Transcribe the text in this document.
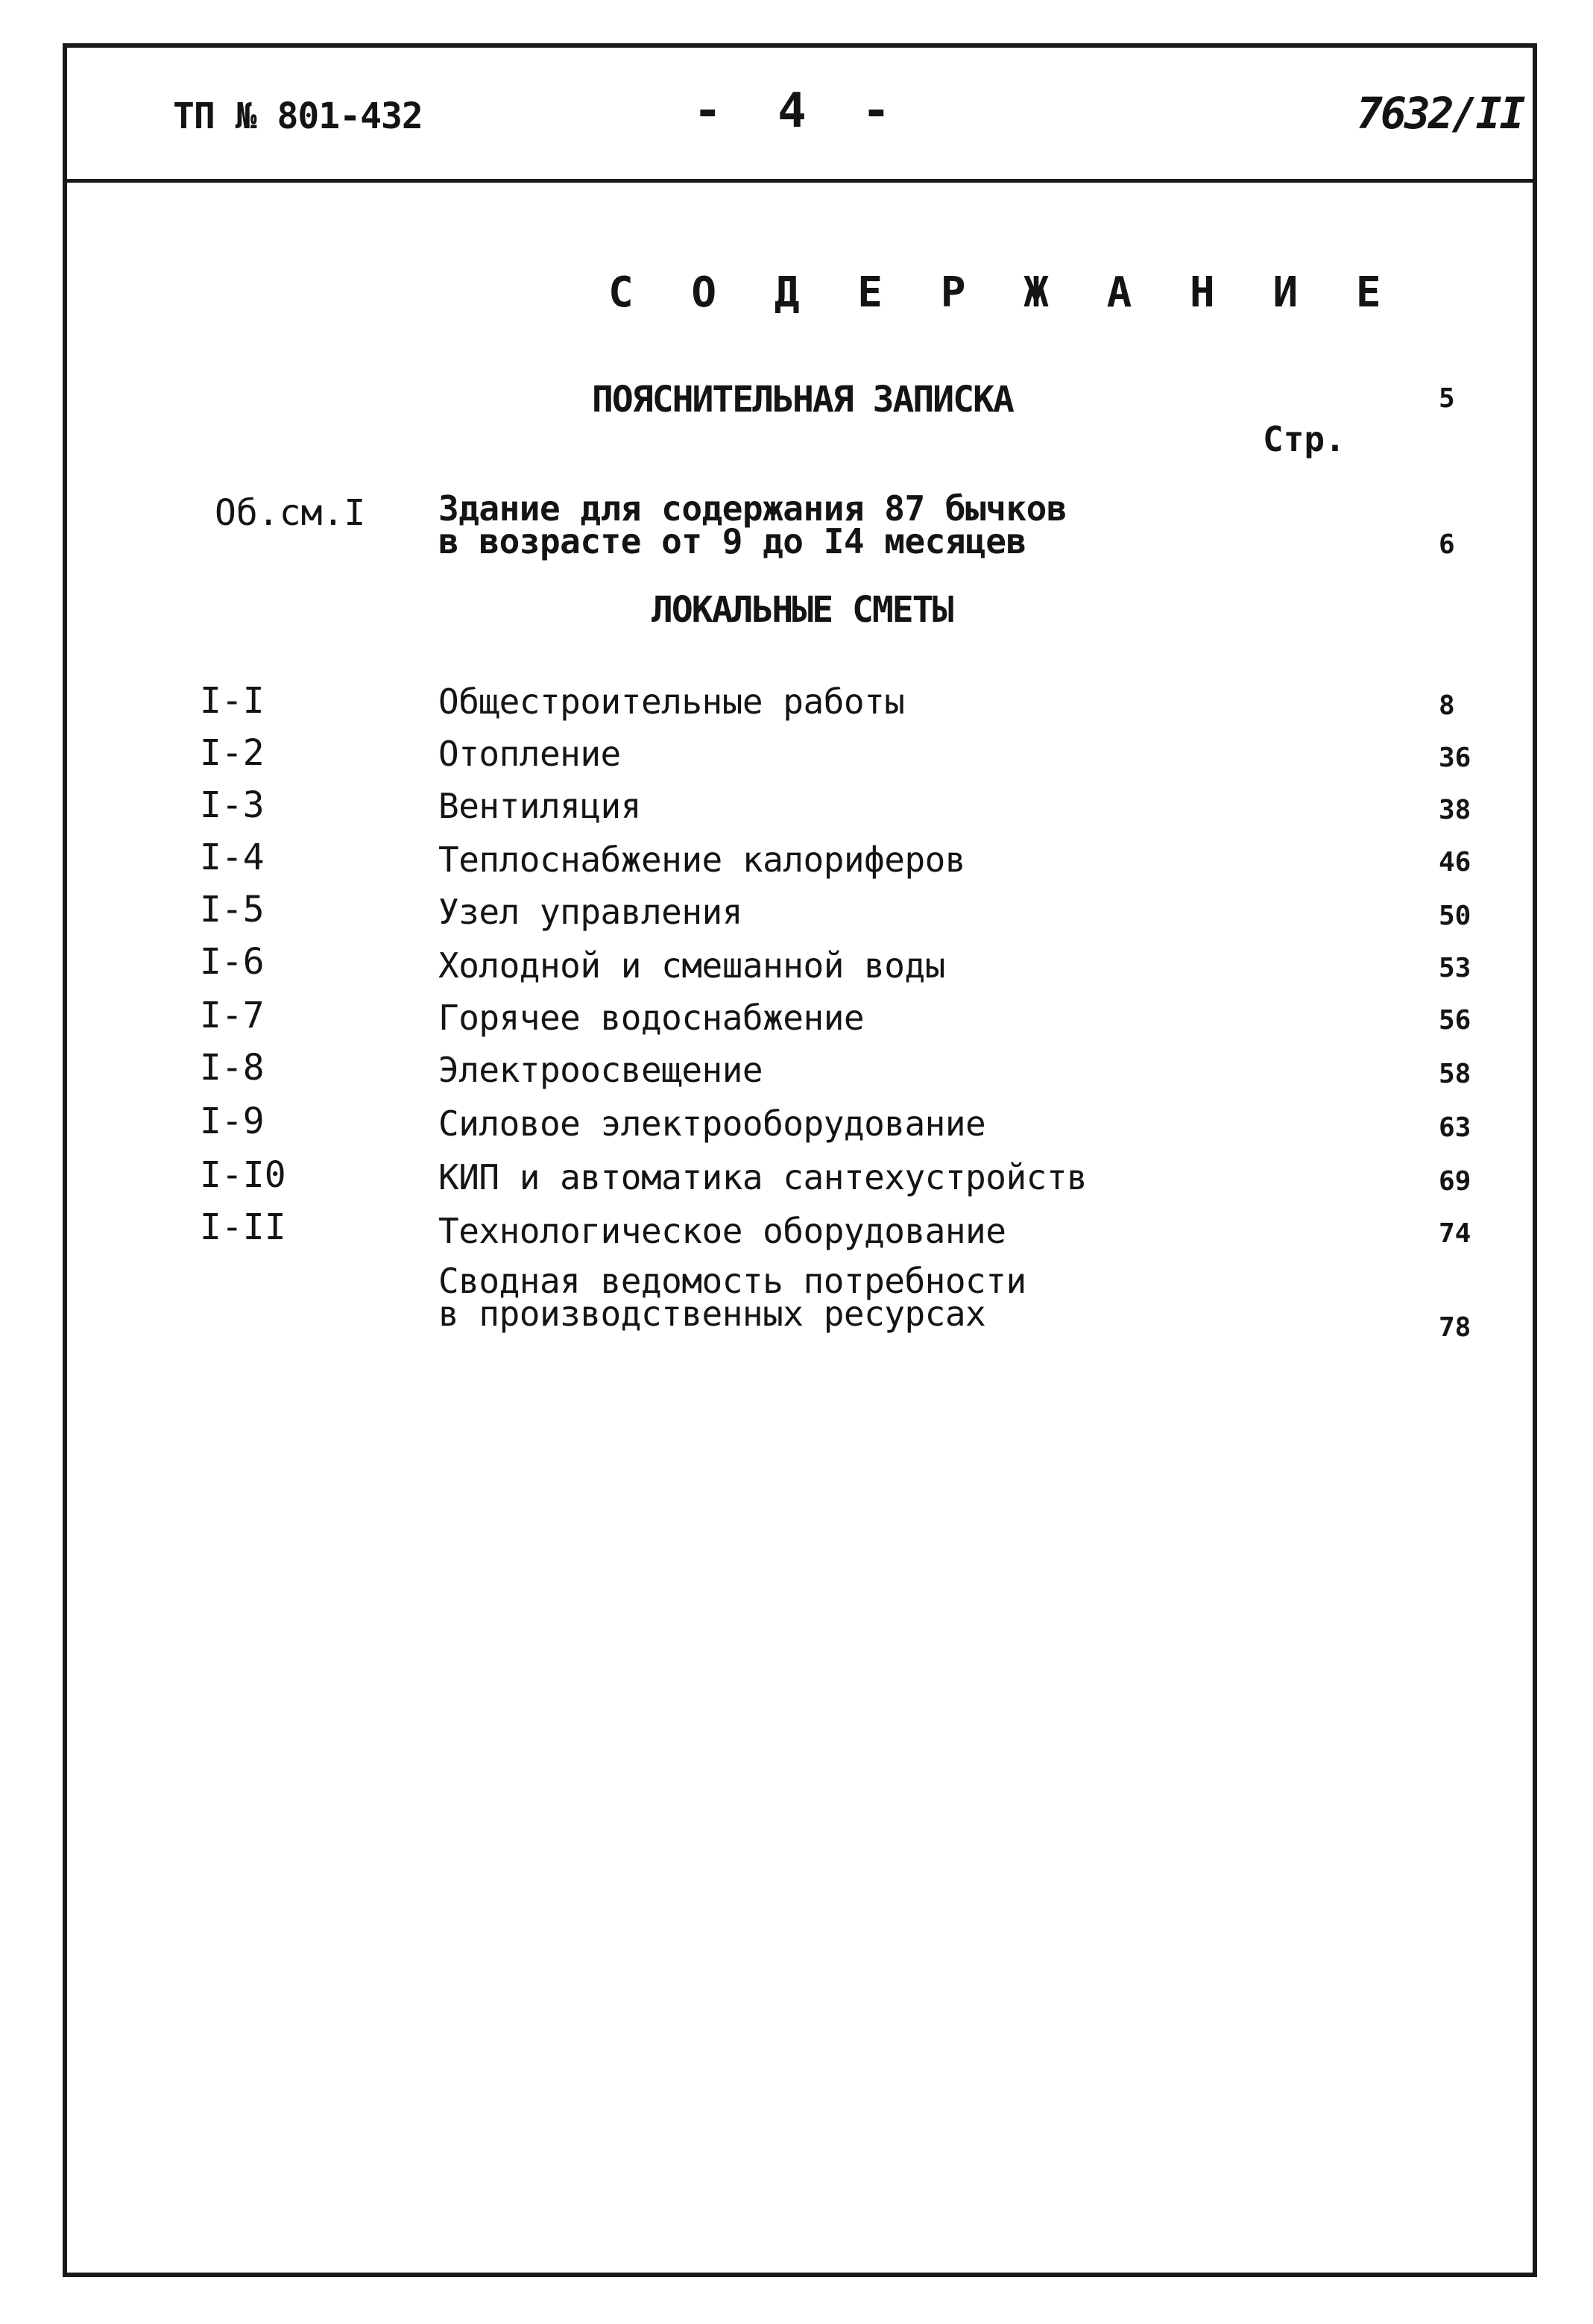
ТП № 801-432	- 4 -	7632/II
С О Д Е Р Ж А Н И Е
ПОЯСНИТЕЛЬНАЯ ЗАПИСКА	5
Стр.
Об.см.I Здание для содержания 87 бычков
в возрасте от 9 до I4 месяцев	6
ЛОКАЛЬНЫЕ СМЕТЫ
I-I	Общестроительные работы	8
I-2	Отопление	36
I-3	Вентиляция	38
I-4	Теплоснабжение калориферов	46
I-5	Узел управления	50
I-6	Холодной и смешанной воды	53
I-7	Горячее водоснабжение	56
I-8	Электроосвещение	58
I-9	Силовое электрооборудование	63
I-I0	КИП и автоматика сантехустройств	69
I-II	Технологическое оборудование	74
Сводная ведомость потребности
в производственных ресурсах	78
